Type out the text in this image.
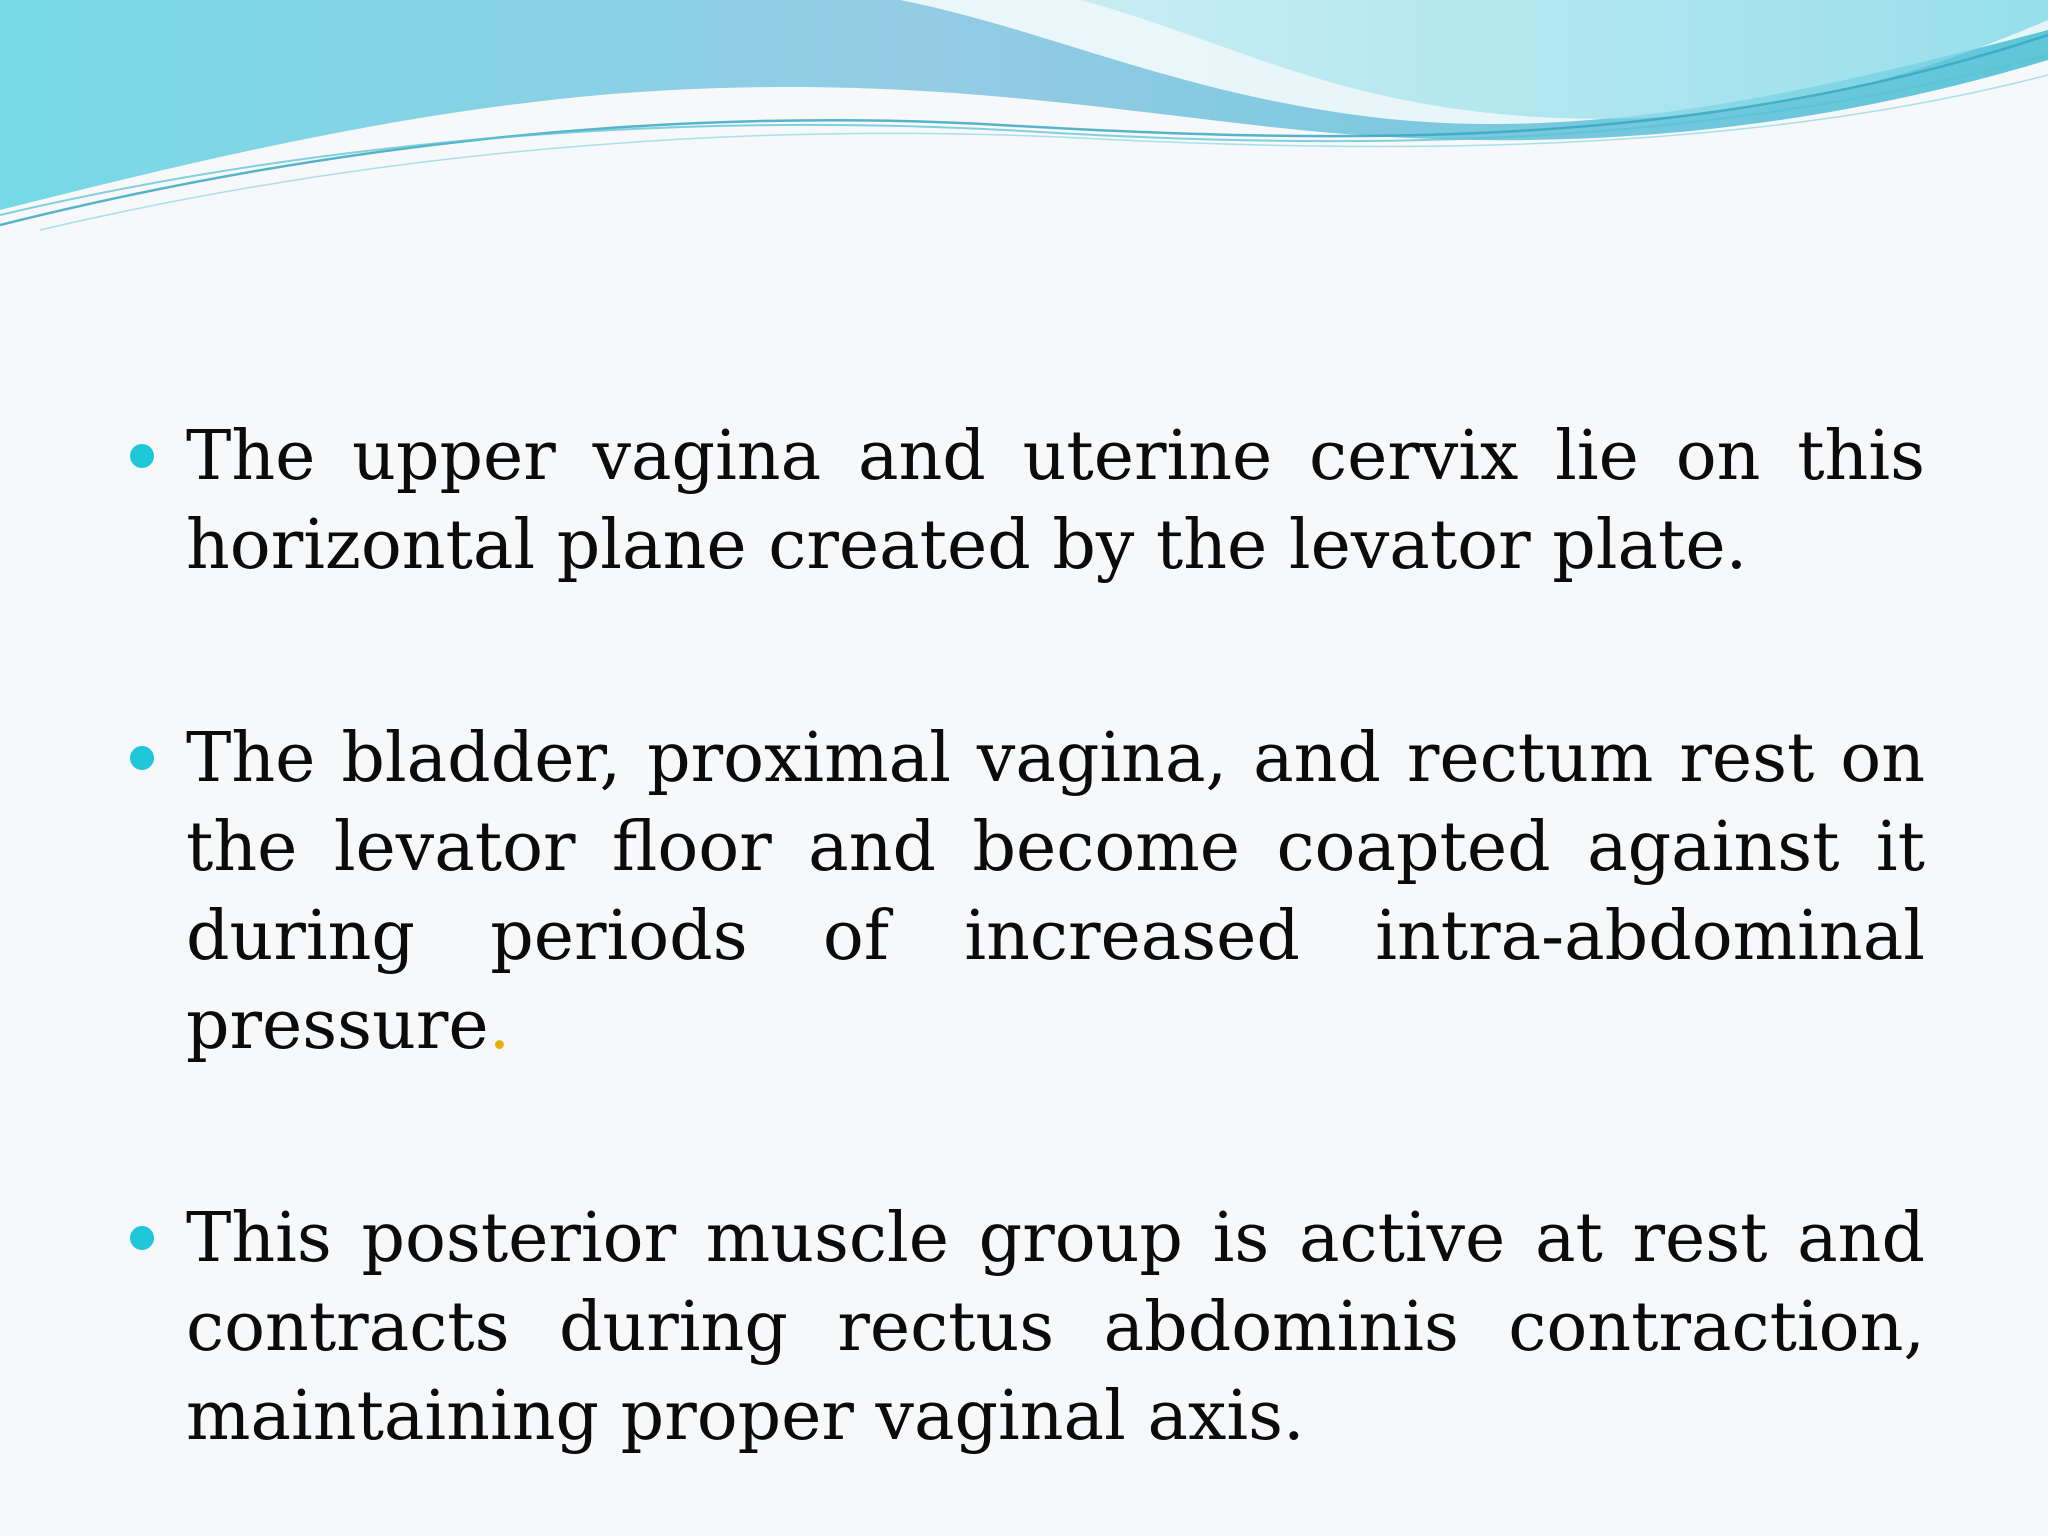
The upper vagina and uterine cervix lie on this horizontal plane created by the levator plate.
The bladder, proximal vagina, and rectum rest on the levator floor and become coapted against it during periods of increased intra-abdominal pressure.
This posterior muscle group is active at rest and contracts during rectus abdominis contraction, maintaining proper vaginal axis.
